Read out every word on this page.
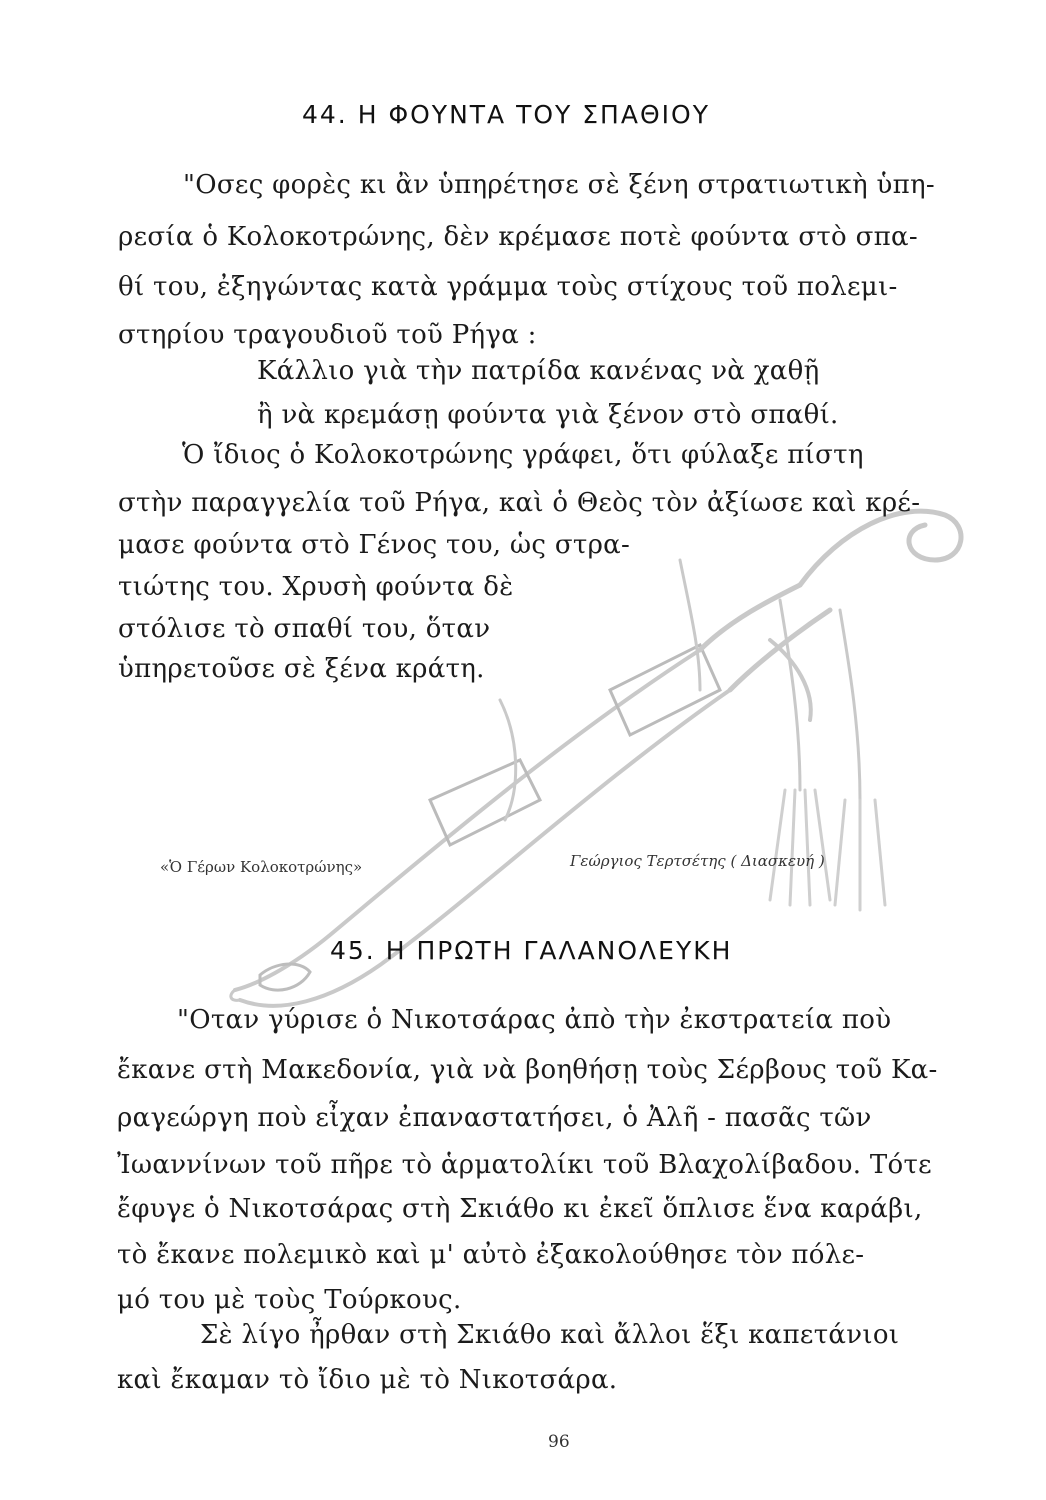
44. Η ΦΟΥΝΤΑ ΤΟΥ ΣΠΑΘΙΟΥ
"Οσες φορὲς κι ἂν ὑπηρέτησε σὲ ξένη στρατιωτικὴ ὑπη-
ρεσία ὁ Κολοκοτρώνης, δὲν κρέμασε ποτὲ φούντα στὸ σπα-
θί του, ἐξηγώντας κατὰ γράμμα τοὺς στίχους τοῦ πολεμι-
στηρίου τραγουδιοῦ τοῦ Ρήγα :
Κάλλιο γιὰ τὴν πατρίδα κανένας νὰ χαθῇ
ἢ νὰ κρεμάσῃ φούντα γιὰ ξένον στὸ σπαθί.
Ὁ ἴδιος ὁ Κολοκοτρώνης γράφει, ὅτι φύλαξε πίστη
στὴν παραγγελία τοῦ Ρήγα, καὶ ὁ Θεὸς τὸν ἀξίωσε καὶ κρέ-
μασε φούντα στὸ Γένος του, ὡς στρα-
τιώτης του. Χρυσὴ φούντα δὲ
στόλισε τὸ σπαθί του, ὅταν
ὑπηρετοῦσε σὲ ξένα κράτη.
«Ὁ Γέρων Κολοκοτρώνης»	Γεώργιος Τερτσέτης ( Διασκευή )
45. Η ΠΡΩΤΗ ΓΑΛΑΝΟΛΕΥΚΗ
"Οταν γύρισε ὁ Νικοτσάρας ἀπὸ τὴν ἐκστρατεία ποὺ
ἔκανε στὴ Μακεδονία, γιὰ νὰ βοηθήσῃ τοὺς Σέρβους τοῦ Κα-
ραγεώργη ποὺ εἶχαν ἐπαναστατήσει, ὁ Ἀλῆ - πασᾶς τῶν
Ἰωαννίνων τοῦ πῆρε τὸ ἁρματολίκι τοῦ Βλαχολίβαδου. Τότε
ἔφυγε ὁ Νικοτσάρας στὴ Σκιάθο κι ἐκεῖ ὅπλισε ἕνα καράβι,
τὸ ἔκανε πολεμικὸ καὶ μ' αὐτὸ ἐξακολούθησε τὸν πόλε-
μό του μὲ τοὺς Τούρκους.
Σὲ λίγο ἦρθαν στὴ Σκιάθο καὶ ἄλλοι ἕξι καπετάνιοι
καὶ ἔκαμαν τὸ ἴδιο μὲ τὸ Νικοτσάρα.
96
